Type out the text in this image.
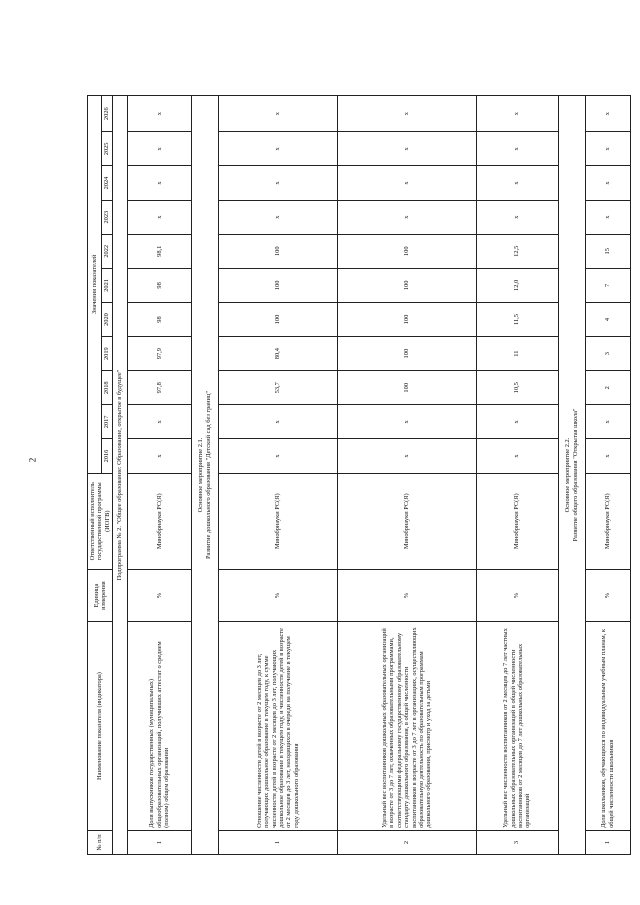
2
№ п/п	Наименование показателя (индикатора)	Единица измерения	Ответственный исполнитель государственной программы (ИОГВ)	Значения показателей										
				2016	2017	2018	2019	2020	2021	2022	2023	2024	2025	2026
Подпрограмма № 2. "Общее образование: Образование, открытое в будущее"														
1	Доля выпускников государственных (муниципальных) общеобразовательных организаций, получивших аттестат о среднем (полном) общем образовании	%	Минобрнауки РС(Я)	х	х	97,8	97,9	98	98	98,1	х	х	х	х

Основное мероприятие 2.1. Развитие дошкольного образования "Детский сад без границ"														

1	Отношение численности детей в возрасте от 2 месяцев до 3 лет, получающих дошкольное образование в текущем году, к сумме численности детей в возрасте от 2 месяцев до 3 лет, получающих дошкольное образование в текущем году, и численности детей в возрасте от 2 месяцев до 3 лет, находящихся в очереди на получение в текущем году дошкольного образования	%	Минобрнауки РС(Я)	х	х	53,7	80,4	100	100	100	х	х	х	х
2	Удельный вес воспитанников дошкольных образовательных организаций в возрасте от 3 до 7 лет, охваченных образовательными программами, соответствующими федеральному государственному образовательному стандарту дошкольного образования, в общей численности воспитанников в возрасте от 3 до 7 лет в организациях, осуществляющих образовательную деятельность по образовательным программам дошкольного образования, присмотр и уход за детьми	%	Минобрнауки РС(Я)	х	х	100	100	100	100	100	х	х	х	х
3	Удельный вес численности воспитанников от 2 месяцев до 7 лет частных дошкольных образовательных организаций в общей численности воспитанников от 2 месяцев до 7 лет дошкольных образовательных организаций	%	Минобрнауки РС(Я)	х	х	10,5	11	11,5	12,0	12,5	х	х	х	х

Основное мероприятие 2.2. Развитие общего образования "Открытая школа"														

1	Доля школьников, обучающихся по индивидуальным учебным планам, к общей численности школьников	%	Минобрнауки РС(Я)	х	х	2	3	4	7	15	х	х	х	х
